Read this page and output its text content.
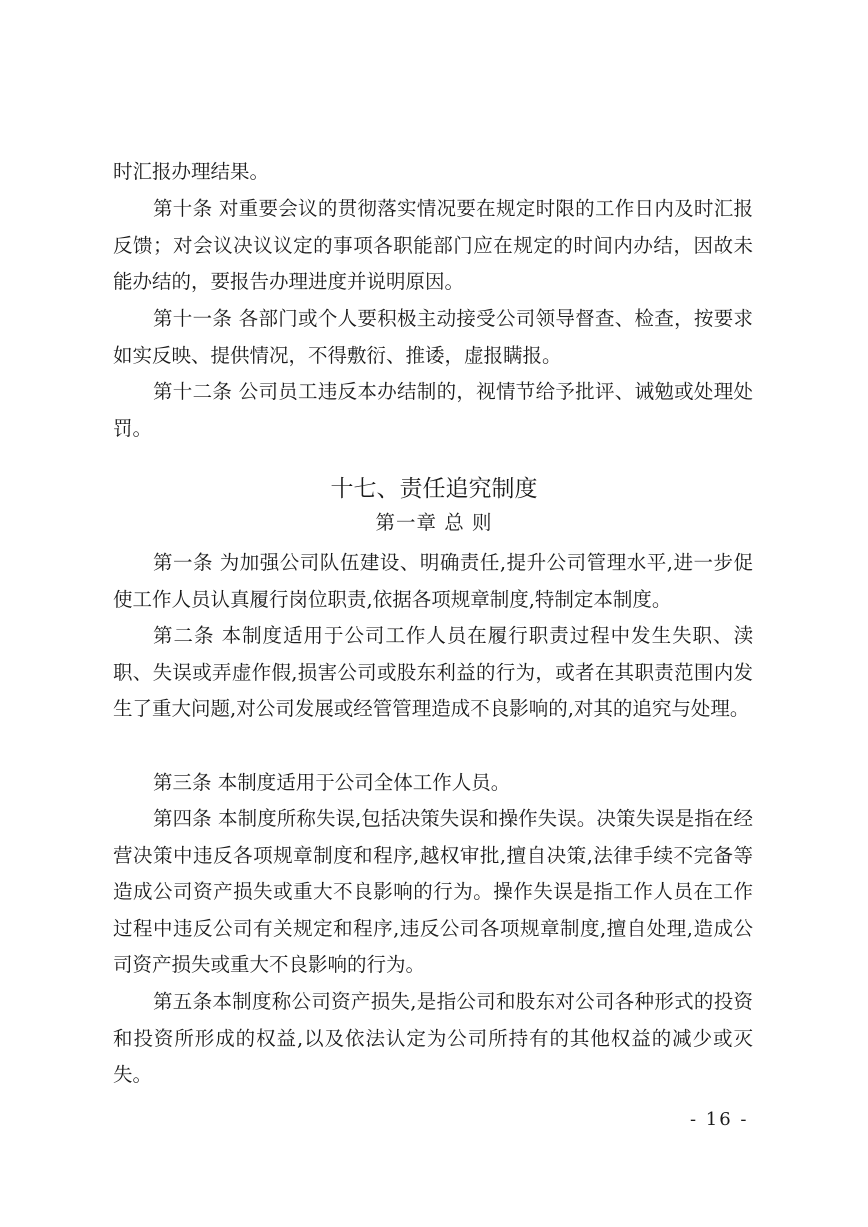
时汇报办理结果。

第十条 对重要会议的贯彻落实情况要在规定时限的工作日内及时汇报反馈；对会议决议议定的事项各职能部门应在规定的时间内办结，因故未能办结的，要报告办理进度并说明原因。

第十一条 各部门或个人要积极主动接受公司领导督查、检查，按要求如实反映、提供情况，不得敷衍、推诿，虚报瞒报。

第十二条 公司员工违反本办结制的，视情节给予批评、诫勉或处理处罚。

十七、责任追究制度
第一章 总 则

第一条 为加强公司队伍建设、明确责任,提升公司管理水平,进一步促使工作人员认真履行岗位职责,依据各项规章制度,特制定本制度。

第二条 本制度适用于公司工作人员在履行职责过程中发生失职、渎职、失误或弄虚作假,损害公司或股东利益的行为，或者在其职责范围内发生了重大问题,对公司发展或经管管理造成不良影响的,对其的追究与处理。

第三条 本制度适用于公司全体工作人员。

第四条 本制度所称失误,包括决策失误和操作失误。决策失误是指在经营决策中违反各项规章制度和程序,越权审批,擅自决策,法律手续不完备等造成公司资产损失或重大不良影响的行为。操作失误是指工作人员在工作过程中违反公司有关规定和程序,违反公司各项规章制度,擅自处理,造成公司资产损失或重大不良影响的行为。

第五条本制度称公司资产损失,是指公司和股东对公司各种形式的投资和投资所形成的权益,以及依法认定为公司所持有的其他权益的减少或灭失。

- 16 -
